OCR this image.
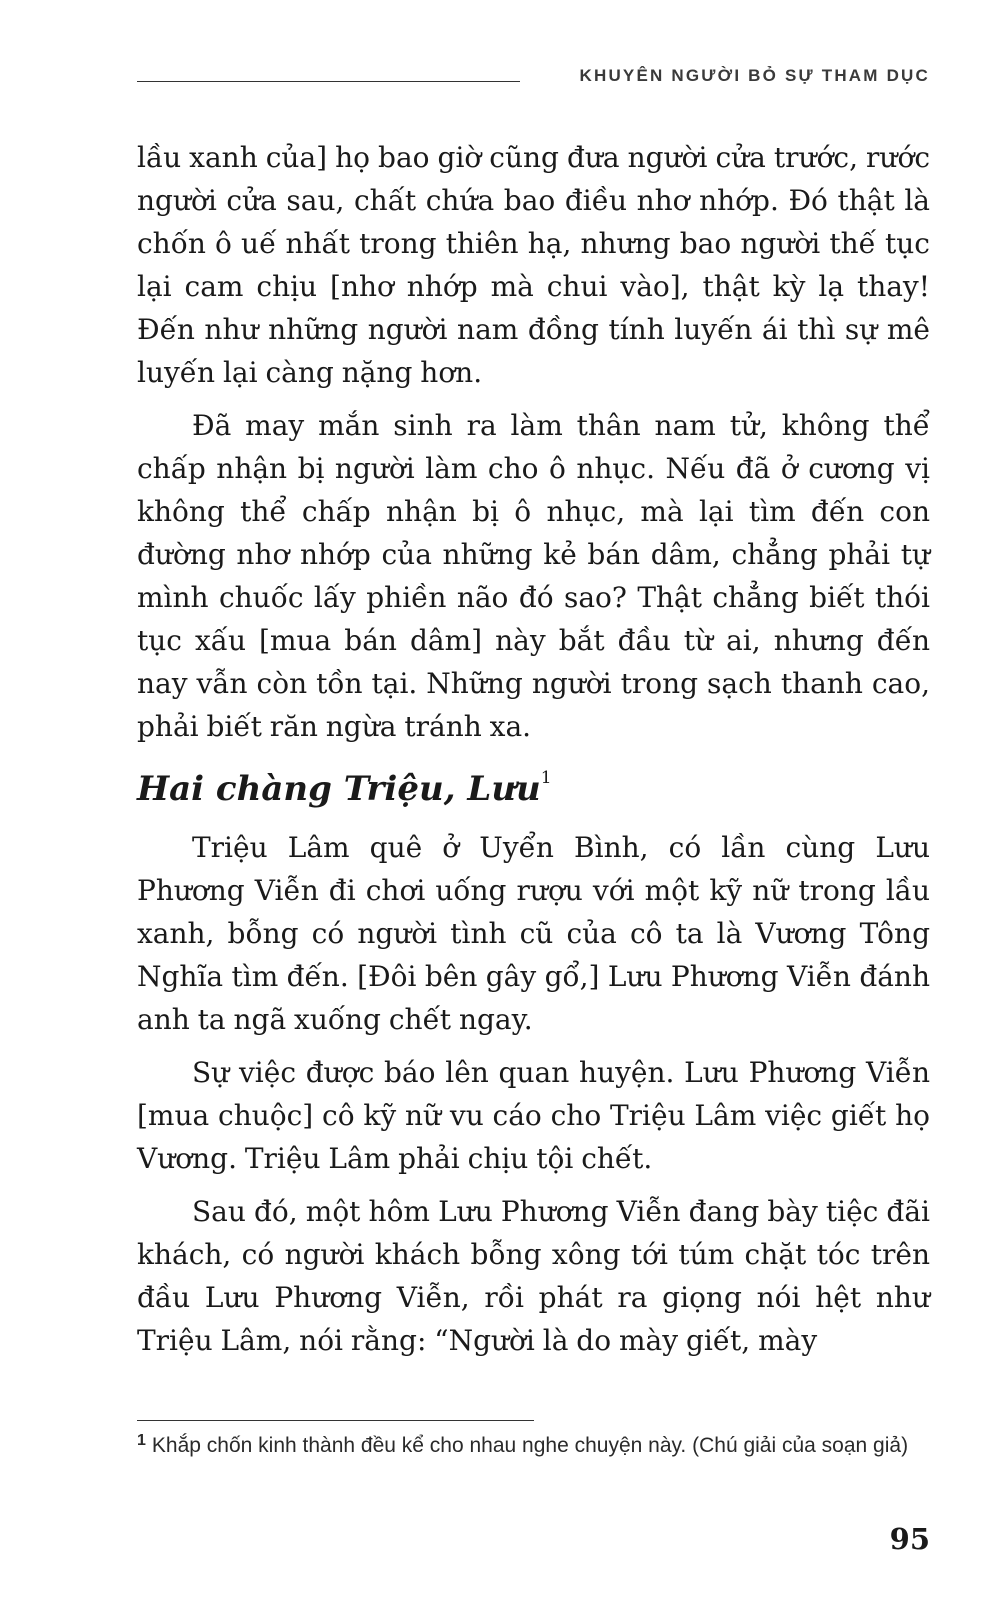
KHUYÊN NGƯỜI BỎ SỰ THAM DỤC

lầu xanh của] họ bao giờ cũng đưa người cửa trước, rước người cửa sau, chất chứa bao điều nhơ nhớp. Đó thật là chốn ô uế nhất trong thiên hạ, nhưng bao người thế tục lại cam chịu [nhơ nhớp mà chui vào], thật kỳ lạ thay! Đến như những người nam đồng tính luyến ái thì sự mê luyến lại càng nặng hơn.

Đã may mắn sinh ra làm thân nam tử, không thể chấp nhận bị người làm cho ô nhục. Nếu đã ở cương vị không thể chấp nhận bị ô nhục, mà lại tìm đến con đường nhơ nhớp của những kẻ bán dâm, chẳng phải tự mình chuốc lấy phiền não đó sao? Thật chẳng biết thói tục xấu [mua bán dâm] này bắt đầu từ ai, nhưng đến nay vẫn còn tồn tại. Những người trong sạch thanh cao, phải biết răn ngừa tránh xa.

Hai chàng Triệu, Lưu$^1$

Triệu Lâm quê ở Uyển Bình, có lần cùng Lưu Phương Viễn đi chơi uống rượu với một kỹ nữ trong lầu xanh, bỗng có người tình cũ của cô ta là Vương Tông Nghĩa tìm đến. [Đôi bên gây gổ,] Lưu Phương Viễn đánh anh ta ngã xuống chết ngay.

Sự việc được báo lên quan huyện. Lưu Phương Viễn [mua chuộc] cô kỹ nữ vu cáo cho Triệu Lâm việc giết họ Vương. Triệu Lâm phải chịu tội chết.

Sau đó, một hôm Lưu Phương Viễn đang bày tiệc đãi khách, có người khách bỗng xông tới túm chặt tóc trên đầu Lưu Phương Viễn, rồi phát ra giọng nói hệt như Triệu Lâm, nói rằng: “Người là do mày giết, mày

$^1$ Khắp chốn kinh thành đều kể cho nhau nghe chuyện này. (Chú giải của soạn giả)
95
